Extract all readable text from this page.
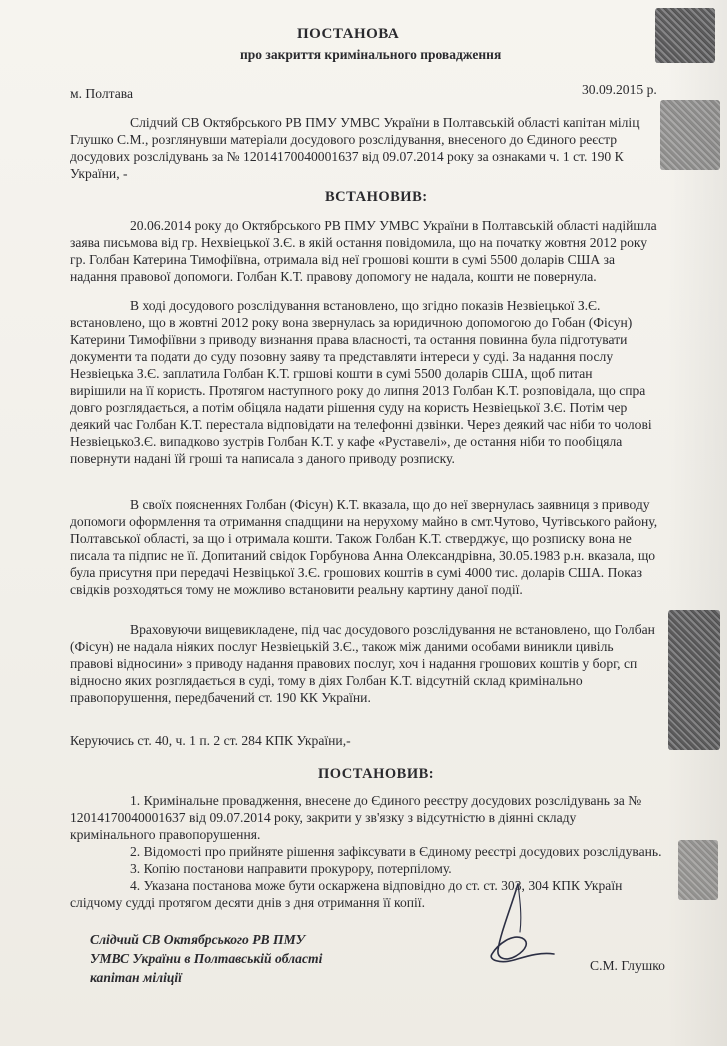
ПОСТАНОВА
про закриття кримінального провадження
м. Полтава	30.09.2015 р.
Слідчий СВ Октябрського РВ ПМУ УМВС України в Полтавській області капітан міліц
Глушко С.М., розглянувши матеріали досудового розслідування, внесеного до Єдиного реєстр
досудових розслідувань за № 12014170040001637 від 09.07.2014 року за ознаками ч. 1 ст. 190 К
України, -
ВСТАНОВИВ:
20.06.2014 року до Октябрського РВ ПМУ УМВС України в Полтавській області надійшла
заява письмова від гр. Нехвіецької З.Є. в якій остання повідомила, що на початку жовтня 2012 року
гр. Голбан Катерина Тимофіївна, отримала від неї грошові кошти в сумі 5500 доларів США за
надання правової допомоги. Голбан К.Т. правову допомогу не надала, кошти не повернула.
В ході досудового розслідування встановлено, що згідно показів Незвіецької З.Є.
встановлено, що в жовтні 2012 року вона звернулась за юридичною допомогою до Гобан (Фісун)
Катерини Тимофіївни з приводу визнання права власності, та остання повинна була підготувати
документи та подати до суду позовну заяву та представляти інтереси у суді. За надання послу
Незвіецька З.Є. заплатила Голбан К.Т. гршові кошти в сумі 5500 доларів США, щоб питан
вирішили на її користь. Протягом наступного року до липня 2013 Голбан К.Т. розповідала, що спра
довго розглядається, а потім обіцяла надати рішення суду на користь Незвіецької З.Є. Потім чер
деякий час Голбан К.Т. перестала відповідати на телефонні дзвінки. Через деякий час ніби то чолові
НезвіецькоЗ.Є. випадково зустрів Голбан К.Т. у кафе «Руставелі», де остання ніби то пообіцяла
повернути надані їй гроші та написала з даного приводу розписку.
В своїх поясненнях Голбан (Фісун) К.Т. вказала, що до неї звернулась заявниця з приводу
допомоги оформлення та отримання спадщини на нерухому майно в смт.Чутово, Чутівського району,
Полтавської області, за що і отримала кошти. Також Голбан К.Т. стверджує, що розписку вона не
писала та підпис не її. Допитаний свідок Горбунова Анна Олександрівна, 30.05.1983 р.н. вказала, що
була присутня при передачі Незвіцької З.Є. грошових коштів в сумі 4000 тис. доларів США. Показ
свідків розходяться тому не можливо встановити реальну картину даної події.
Враховуючи вищевикладене, під час досудового розслідування не встановлено, що Голбан
(Фісун) не надала ніяких послуг Незвіецькій З.Є., також між даними особами виникли цивіль
правові відносини» з приводу надання правових послуг, хоч і надання грошових коштів у борг, сп
відносно яких розглядається в суді, тому в діях Голбан К.Т. відсутній склад кримінально
правопорушення, передбачений ст. 190 КК України.
Керуючись ст. 40, ч. 1 п. 2 ст. 284 КПК України,-
ПОСТАНОВИВ:
1. Кримінальне провадження, внесене до Єдиного реєстру досудових розслідувань за №
12014170040001637 від 09.07.2014 року, закрити у зв'язку з відсутністю в діянні складу
кримінального правопорушення.
2. Відомості про прийняте рішення зафіксувати в Єдиному реєстрі досудових розслідувань.
3. Копію постанови направити прокурору, потерпілому.
4. Указана постанова може бути оскаржена відповідно до ст. ст. 303, 304 КПК Україн
слідчому судді протягом десяти днів з дня отримання її копії.
Слідчий СВ Октябрського РВ ПМУ
УМВС України в Полтавській області
капітан міліції
С.М. Глушко
